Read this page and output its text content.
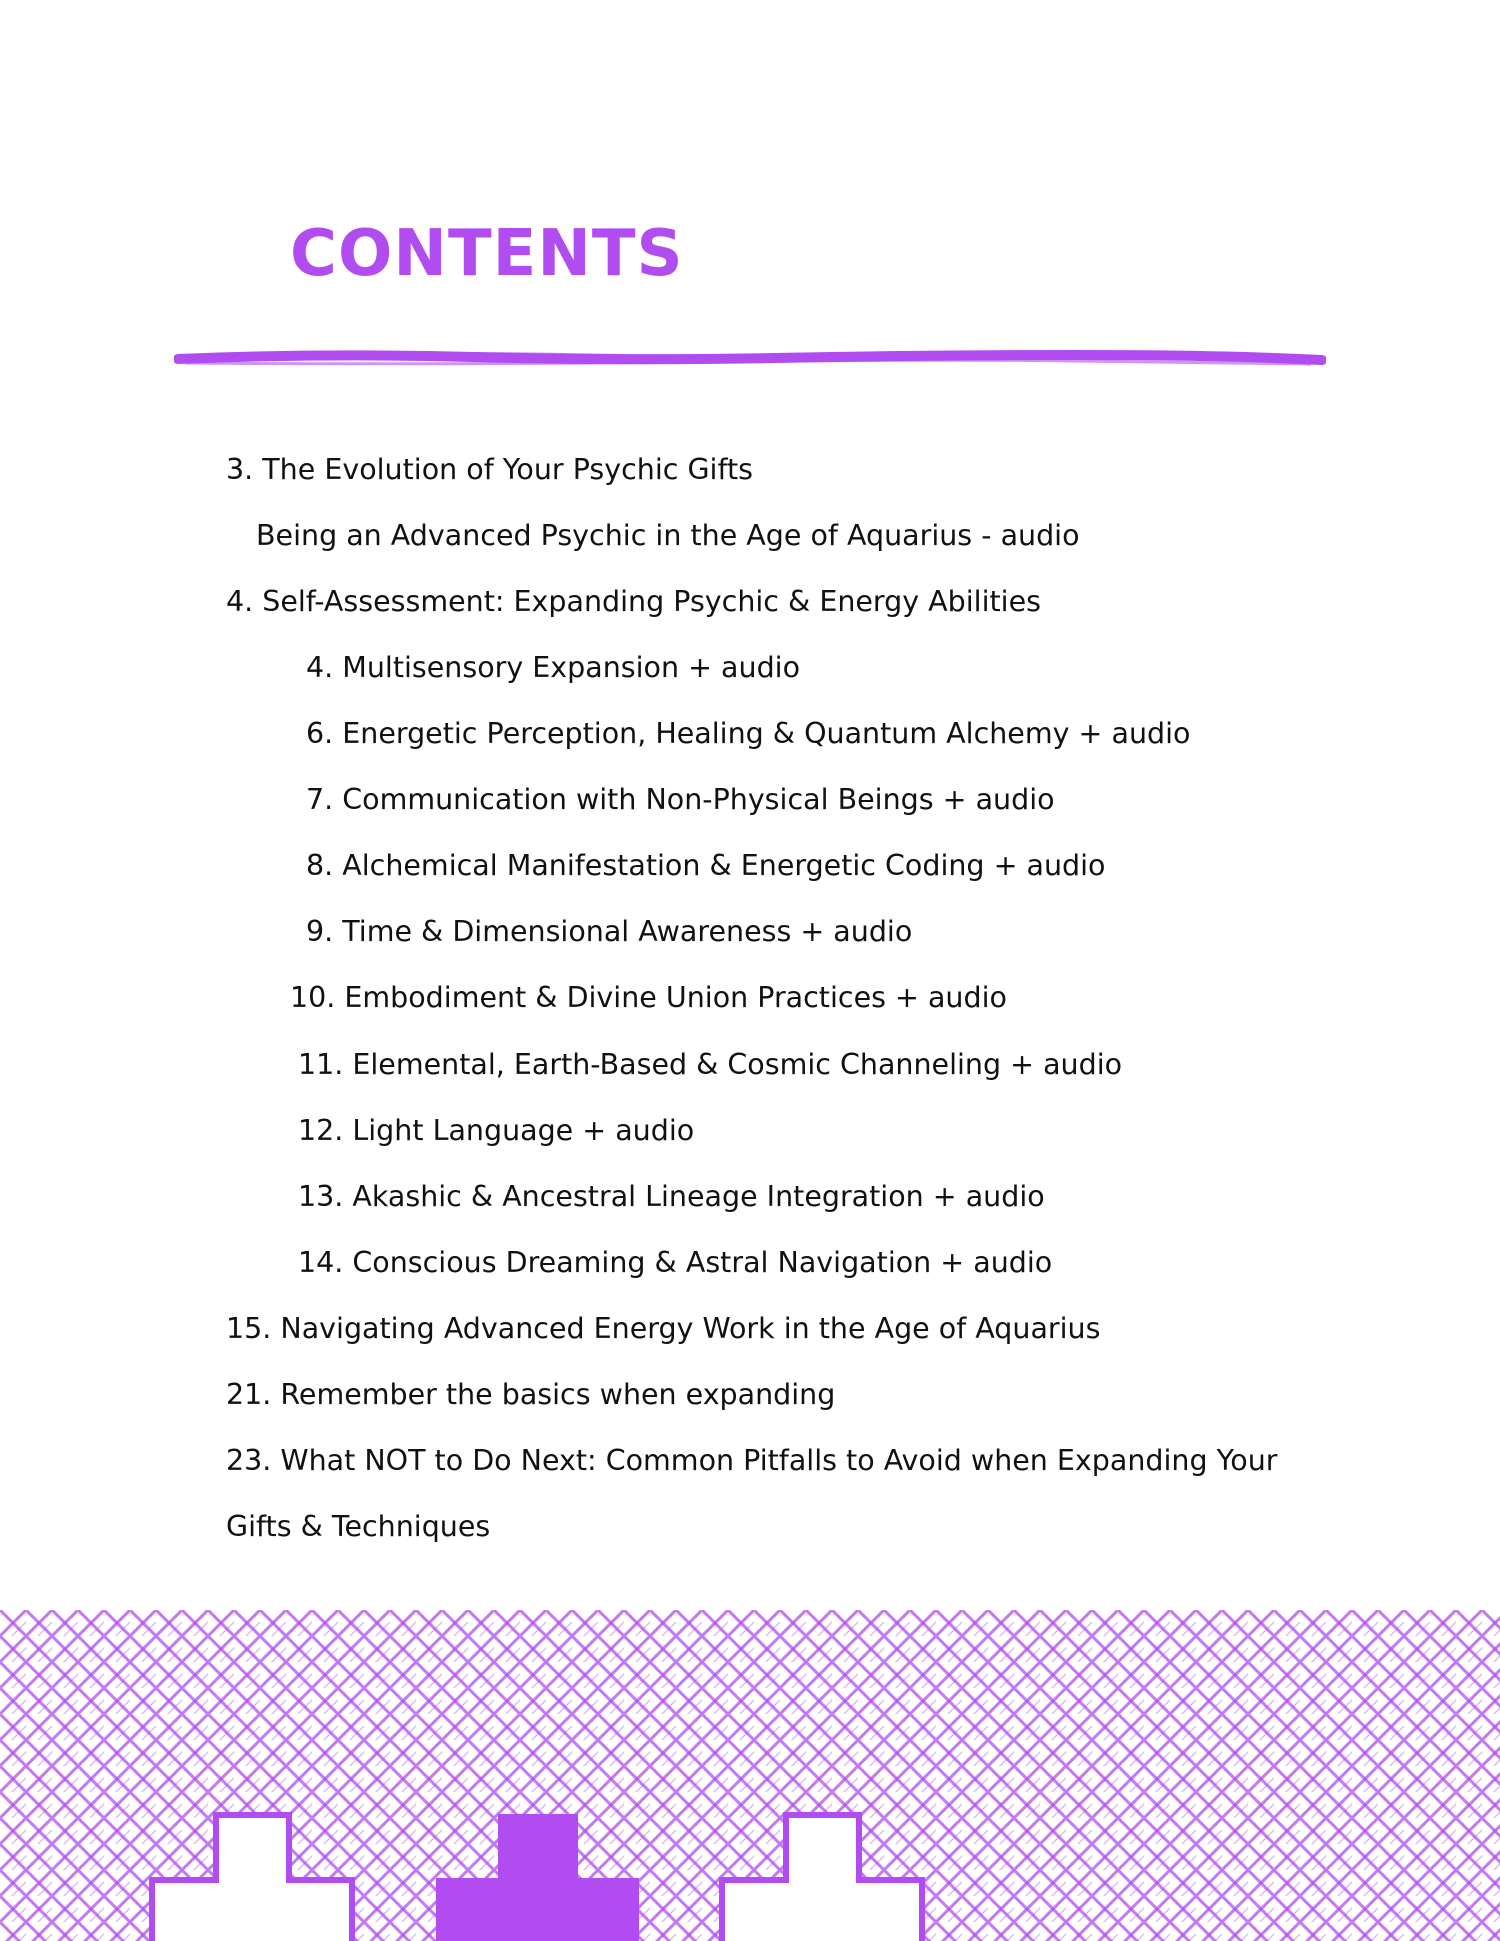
CONTENTS
3. The Evolution of Your Psychic Gifts
Being an Advanced Psychic in the Age of Aquarius - audio
4. Self-Assessment: Expanding Psychic & Energy Abilities
4. Multisensory Expansion + audio
6. Energetic Perception, Healing & Quantum Alchemy + audio
7. Communication with Non-Physical Beings + audio
8. Alchemical Manifestation & Energetic Coding + audio
9. Time & Dimensional Awareness + audio
10. Embodiment & Divine Union Practices + audio
11. Elemental, Earth-Based & Cosmic Channeling + audio
12. Light Language + audio
13. Akashic & Ancestral Lineage Integration + audio
14. Conscious Dreaming & Astral Navigation + audio
15. Navigating Advanced Energy Work in the Age of Aquarius
21. Remember the basics when expanding
23. What NOT to Do Next: Common Pitfalls to Avoid when Expanding Your
Gifts & Techniques
